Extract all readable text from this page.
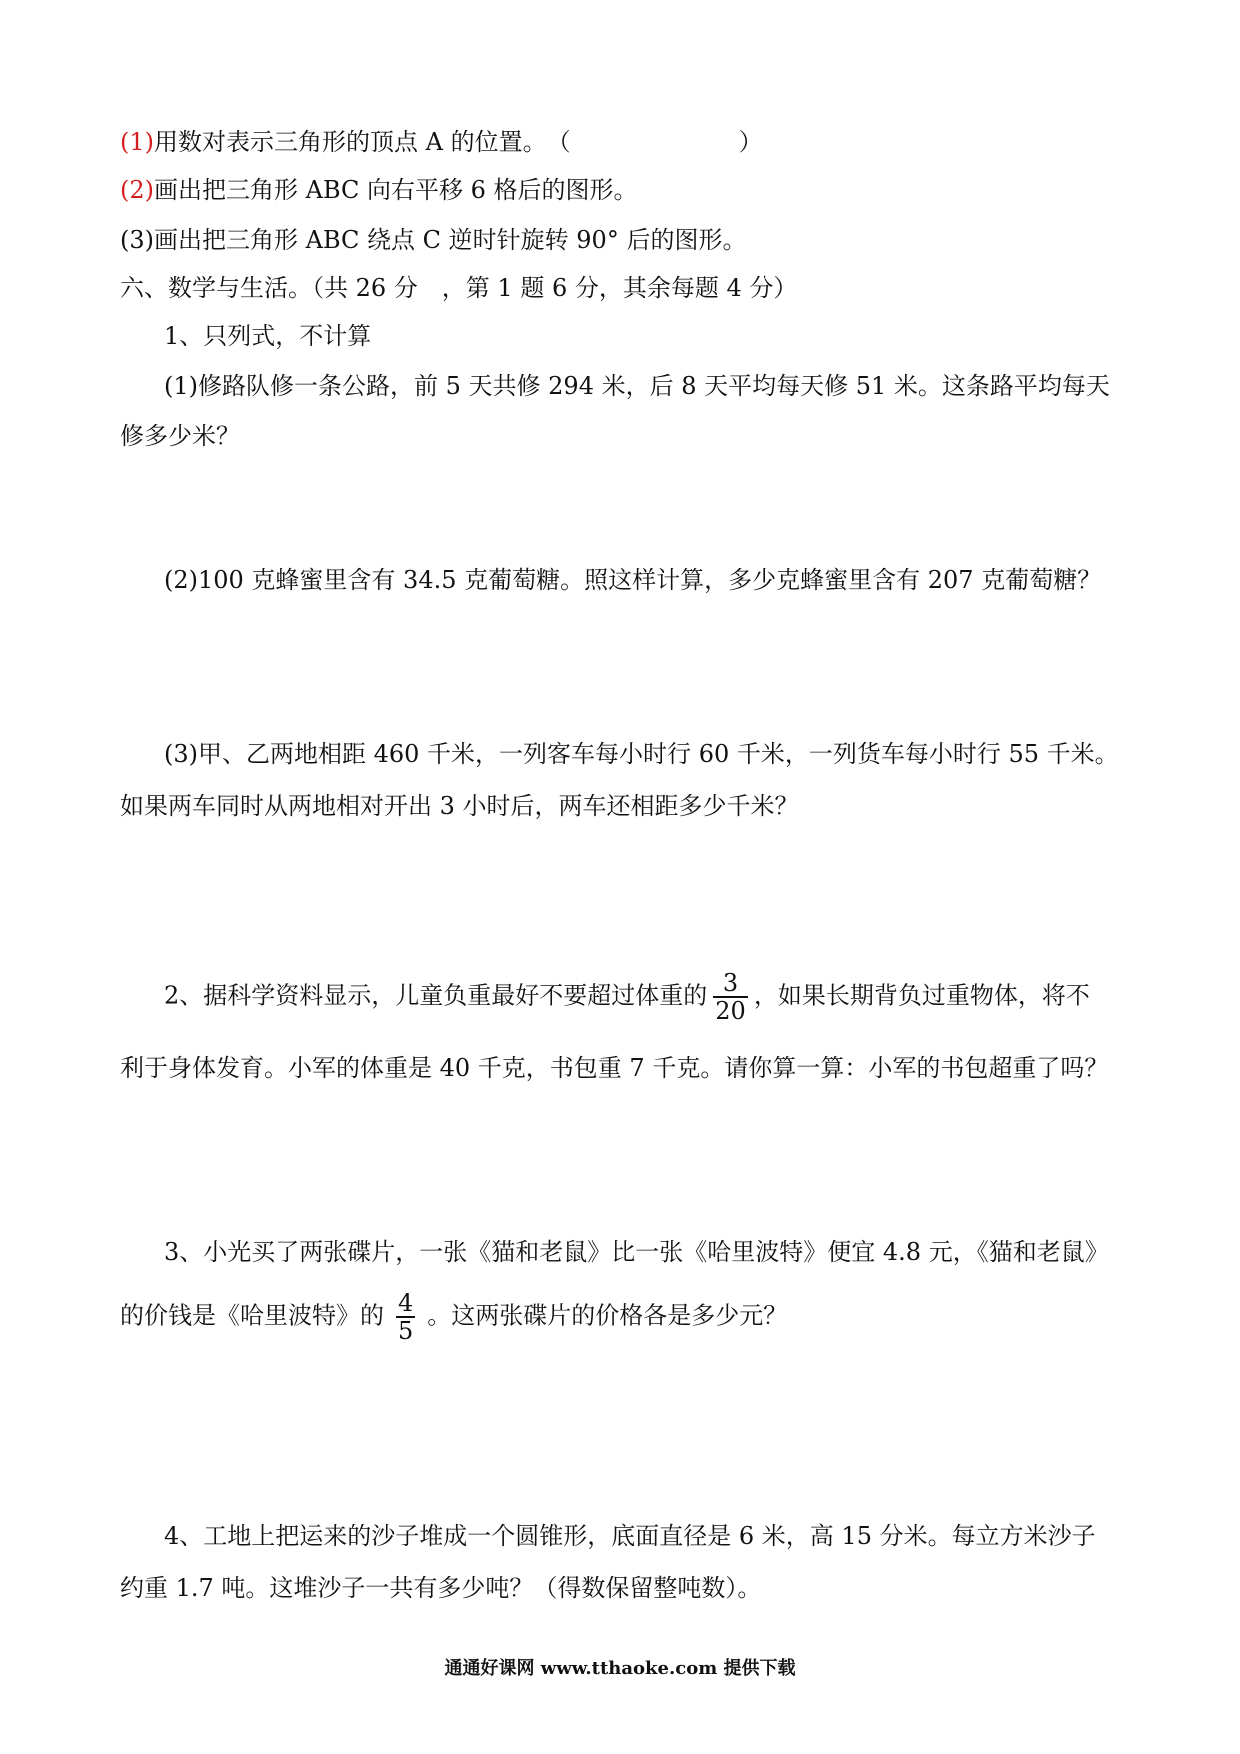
(1)用数对表示三角形的顶点 A 的位置。　（　　　　　　　）
(2)画出把三角形 ABC 向右平移 6 格后的图形。
(3)画出把三角形 ABC 绕点 C 逆时针旋转 90° 后的图形。
六、数学与生活。（共 26 分　，第 1 题 6 分，其余每题 4 分）
1、只列式，不计算
(1)修路队修一条公路，前 5 天共修 294 米，后 8 天平均每天修 51 米。这条路平均每天
修多少米？
(2)100 克蜂蜜里含有 34.5 克葡萄糖。照这样计算，多少克蜂蜜里含有 207 克葡萄糖？
(3)甲、乙两地相距 460 千米，一列客车每小时行 60 千米，一列货车每小时行 55 千米。
如果两车同时从两地相对开出 3 小时后，两车还相距多少千米？
2、据科学资料显示，儿童负重最好不要超过体重的 $\frac{3}{20}$ ，如果长期背负过重物体，将不
利于身体发育。小军的体重是 40 千克，书包重 7 千克。请你算一算：小军的书包超重了吗？
3、小光买了两张碟片，一张《猫和老鼠》比一张《哈里波特》便宜 4.8 元，《猫和老鼠》
的价钱是《哈里波特》的 $\frac{4}{5}$ 。这两张碟片的价格各是多少元？
4、工地上把运来的沙子堆成一个圆锥形，底面直径是 6 米，高 15 分米。每立方米沙子
约重 1.7 吨。这堆沙子一共有多少吨？（得数保留整吨数）。
通通好课网 www.tthaoke.com 提供下载
